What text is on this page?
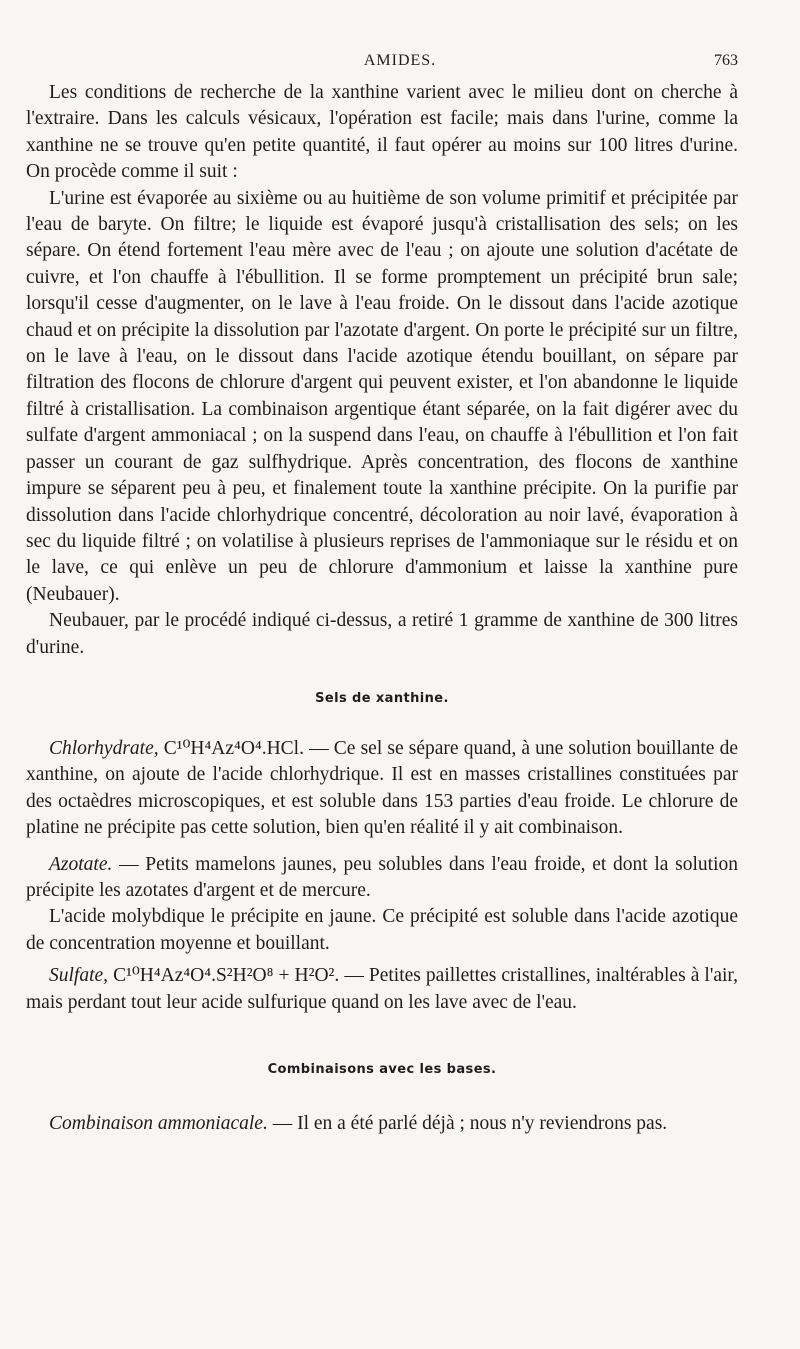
AMIDES.	763

Les conditions de recherche de la xanthine varient avec le milieu dont on cherche à l'extraire. Dans les calculs vésicaux, l'opération est facile; mais dans l'urine, comme la xanthine ne se trouve qu'en petite quantité, il faut opérer au moins sur 100 litres d'urine. On procède comme il suit :

L'urine est évaporée au sixième ou au huitième de son volume primitif et précipitée par l'eau de baryte. On filtre; le liquide est évaporé jusqu'à cristallisation des sels; on les sépare. On étend fortement l'eau mère avec de l'eau ; on ajoute une solution d'acétate de cuivre, et l'on chauffe à l'ébullition. Il se forme promptement un précipité brun sale; lorsqu'il cesse d'augmenter, on le lave à l'eau froide. On le dissout dans l'acide azotique chaud et on précipite la dissolution par l'azotate d'argent. On porte le précipité sur un filtre, on le lave à l'eau, on le dissout dans l'acide azotique étendu bouillant, on sépare par filtration des flocons de chlorure d'argent qui peuvent exister, et l'on abandonne le liquide filtré à cristallisation. La combinaison argentique étant séparée, on la fait digérer avec du sulfate d'argent ammoniacal ; on la suspend dans l'eau, on chauffe à l'ébullition et l'on fait passer un courant de gaz sulfhydrique. Après concentration, des flocons de xanthine impure se séparent peu à peu, et finalement toute la xanthine précipite. On la purifie par dissolution dans l'acide chlorhydrique concentré, décoloration au noir lavé, évaporation à sec du liquide filtré ; on volatilise à plusieurs reprises de l'ammoniaque sur le résidu et on le lave, ce qui enlève un peu de chlorure d'ammonium et laisse la xanthine pure (Neubauer).

Neubauer, par le procédé indiqué ci-dessus, a retiré 1 gramme de xanthine de 300 litres d'urine.

Sels de xanthine.

Chlorhydrate, C¹⁰H⁴Az⁴O⁴.HCl. — Ce sel se sépare quand, à une solution bouillante de xanthine, on ajoute de l'acide chlorhydrique. Il est en masses cristallines constituées par des octaèdres microscopiques, et est soluble dans 153 parties d'eau froide. Le chlorure de platine ne précipite pas cette solution, bien qu'en réalité il y ait combinaison.

Azotate. — Petits mamelons jaunes, peu solubles dans l'eau froide, et dont la solution précipite les azotates d'argent et de mercure.

L'acide molybdique le précipite en jaune. Ce précipité est soluble dans l'acide azotique de concentration moyenne et bouillant.

Sulfate, C¹⁰H⁴Az⁴O⁴.S²H²O⁸ + H²O². — Petites paillettes cristallines, inaltérables à l'air, mais perdant tout leur acide sulfurique quand on les lave avec de l'eau.

Combinaisons avec les bases.

Combinaison ammoniacale. — Il en a été parlé déjà ; nous n'y reviendrons pas.
